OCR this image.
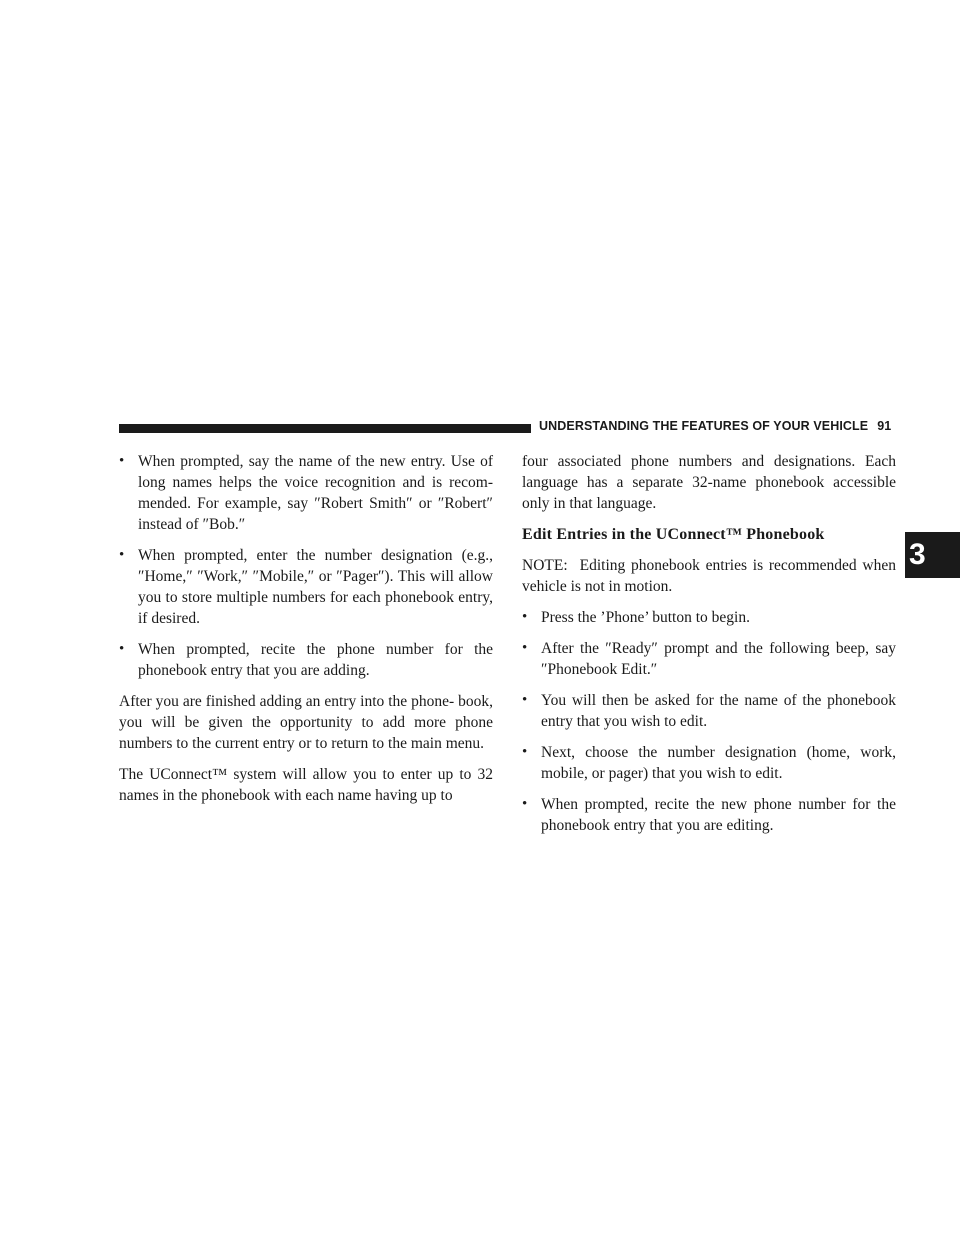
UNDERSTANDING THE FEATURES OF YOUR VEHICLE 91
3
• When prompted, say the name of the new entry. Use of long names helps the voice recognition and is recom- mended. For example, say ″Robert Smith″ or ″Robert″ instead of ″Bob.″
• When prompted, enter the number designation (e.g., ″Home,″ ″Work,″ ″Mobile,″ or ″Pager″). This will allow you to store multiple numbers for each phonebook entry, if desired.
• When prompted, recite the phone number for the phonebook entry that you are adding.

After you are finished adding an entry into the phone- book, you will be given the opportunity to add more phone numbers to the current entry or to return to the main menu.

The UConnect™ system will allow you to enter up to 32 names in the phonebook with each name having up to

four associated phone numbers and designations. Each language has a separate 32-name phonebook accessible only in that language.

Edit Entries in the UConnect™ Phonebook

NOTE: Editing phonebook entries is recommended when vehicle is not in motion.

• Press the ’Phone’ button to begin.
• After the ″Ready″ prompt and the following beep, say ″Phonebook Edit.″
• You will then be asked for the name of the phonebook entry that you wish to edit.
• Next, choose the number designation (home, work, mobile, or pager) that you wish to edit.
• When prompted, recite the new phone number for the phonebook entry that you are editing.
